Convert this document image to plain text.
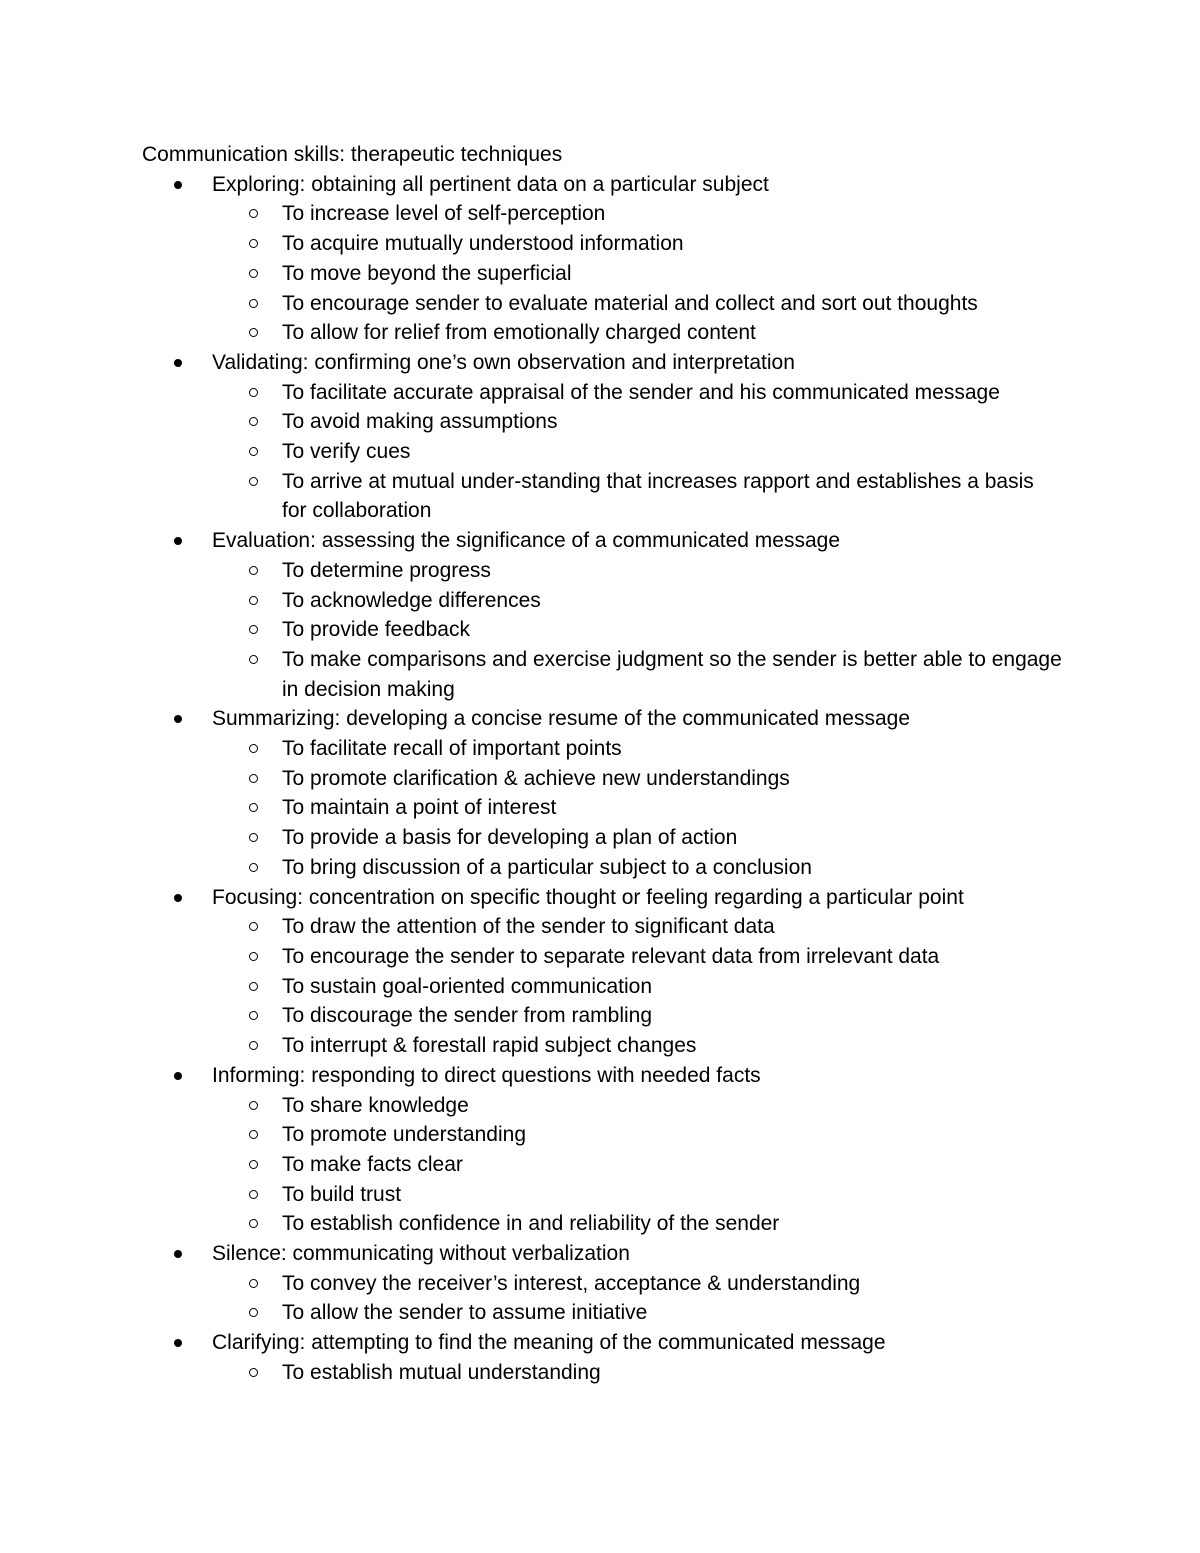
Communication skills: therapeutic techniques
Exploring: obtaining all pertinent data on a particular subject
To increase level of self-perception
To acquire mutually understood information
To move beyond the superficial
To encourage sender to evaluate material and collect and sort out thoughts
To allow for relief from emotionally charged content
Validating: confirming one’s own observation and interpretation
To facilitate accurate appraisal of the sender and his communicated message
To avoid making assumptions
To verify cues
To arrive at mutual under-standing that increases rapport and establishes a basis for collaboration
Evaluation: assessing the significance of a communicated message
To determine progress
To acknowledge differences
To provide feedback
To make comparisons and exercise judgment so the sender is better able to engage in decision making
Summarizing: developing a concise resume of the communicated message
To facilitate recall of important points
To promote clarification & achieve new understandings
To maintain a point of interest
To provide a basis for developing a plan of action
To bring discussion of a particular subject to a conclusion
Focusing: concentration on specific thought or feeling regarding a particular point
To draw the attention of the sender to significant data
To encourage the sender to separate relevant data from irrelevant data
To sustain goal-oriented communication
To discourage the sender from rambling
To interrupt & forestall rapid subject changes
Informing: responding to direct questions with needed facts
To share knowledge
To promote understanding
To make facts clear
To build trust
To establish confidence in and reliability of the sender
Silence: communicating without verbalization
To convey the receiver’s interest, acceptance & understanding
To allow the sender to assume initiative
Clarifying: attempting to find the meaning of the communicated message
To establish mutual understanding
